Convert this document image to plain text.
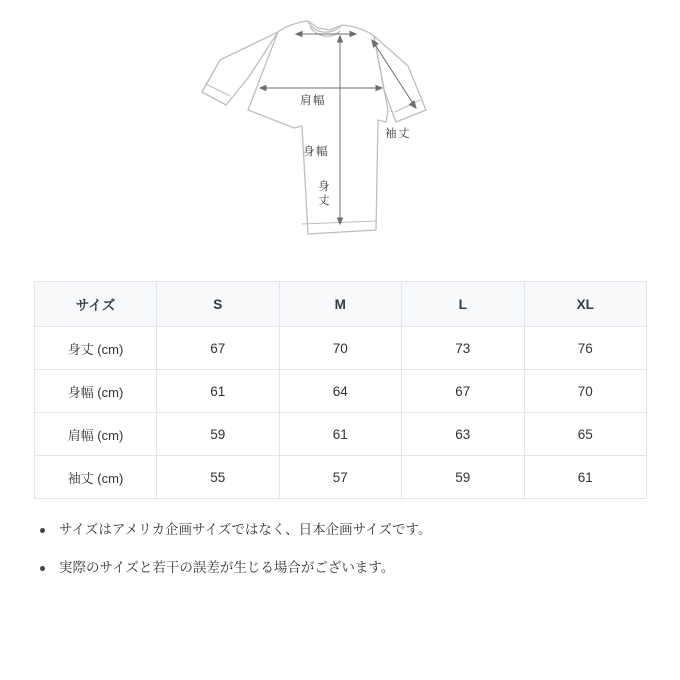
肩幅
身幅
袖丈
身丈
サイズ	S	M	L	XL
身丈 (cm)	67	70	73	76
身幅 (cm)	61	64	67	70
肩幅 (cm)	59	61	63	65
袖丈 (cm)	55	57	59	61
サイズはアメリカ企画サイズではなく、日本企画サイズです。
実際のサイズと若干の誤差が生じる場合がございます。
